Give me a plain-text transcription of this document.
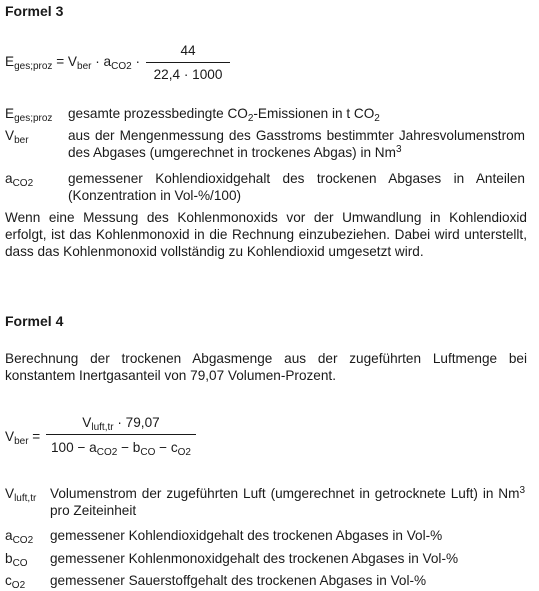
Formel 3
$E_{ges;proz} = V_{ber} \cdot a_{CO2}$ ·
44
22,4 · 1000
$E_{ges;proz}$ gesamte prozessbedingte $CO_2$-Emissionen in t $CO_2$
$V_{ber}$	aus der Mengenmessung des Gasstroms bestimmter Jahresvolumenstrom des Abgases (umgerechnet in trockenes Abgas) in Nm$^3$
$a_{CO2}$	gemessener Kohlendioxidgehalt des trockenen Abgases in Anteilen (Konzentration in Vol-%/100)
Wenn eine Messung des Kohlenmonoxids vor der Umwandlung in Kohlendioxid erfolgt, ist das Kohlenmonoxid in die Rechnung einzubeziehen. Dabei wird unterstellt, dass das Kohlenmonoxid vollständig zu Kohlendioxid umgesetzt wird.
Formel 4
Berechnung der trockenen Abgasmenge aus der zugeführten Luftmenge bei konstantem Inertgasanteil von 79,07 Volumen-Prozent.
$V_{ber}$ =
$V_{luft,tr} \cdot 79,07$
$100 - a_{CO2} - b_{CO} - c_{O2}$
$V_{luft,tr}$ Volumenstrom der zugeführten Luft (umgerechnet in getrocknete Luft) in Nm$^3$ pro Zeiteinheit
$a_{CO2}$ gemessener Kohlendioxidgehalt des trockenen Abgases in Vol-%
$b_{CO}$ gemessener Kohlenmonoxidgehalt des trockenen Abgases in Vol-%
$c_{O2}$ gemessener Sauerstoffgehalt des trockenen Abgases in Vol-%
